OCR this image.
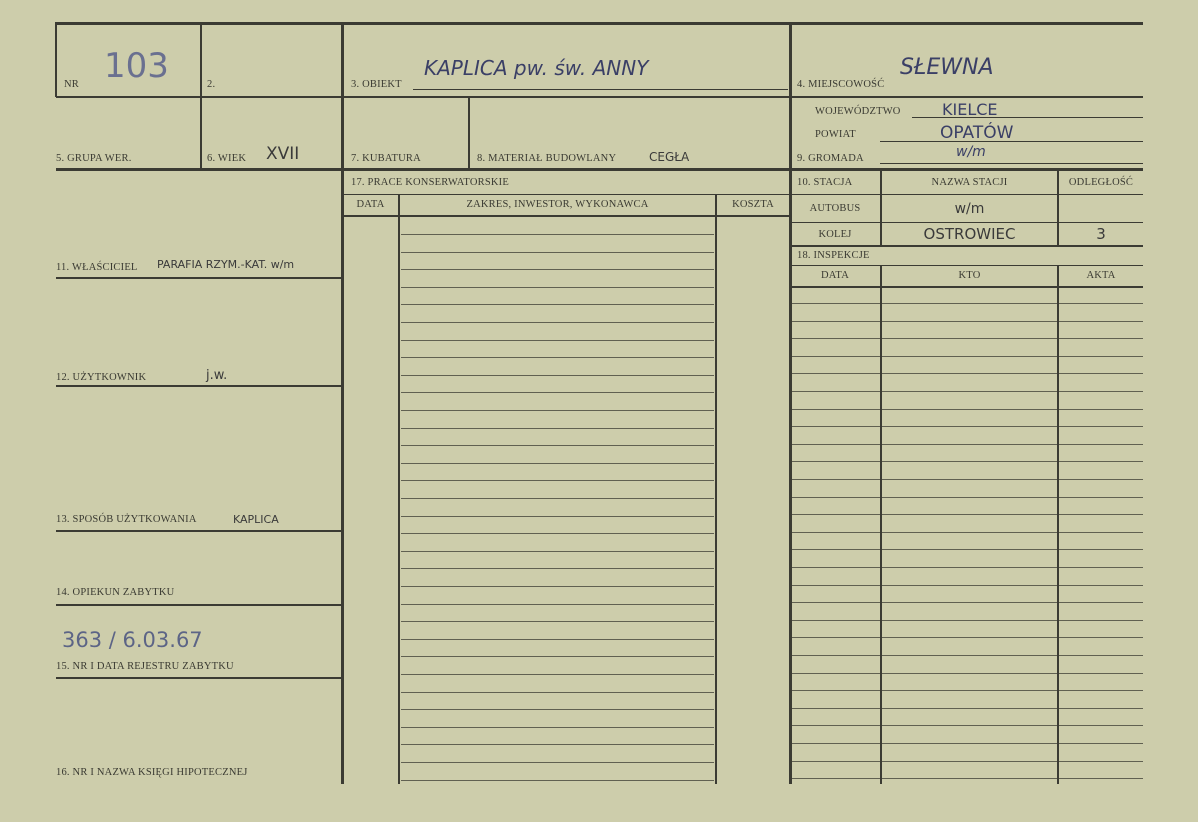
NR 103	2.	3. OBIEKT
KAPLICA pw. św. ANNY
4. MIEJSCOWOŚĆ
SŁEWNA
WOJEWÓDZTWO	KIELCE
POWIAT	OPATÓW
9. GROMADA	w/m
5. GRUPA WER.	6. WIEK XVII	7. KUBATURA	8. MATERIAŁ BUDOWLANY	CEGŁA
11. WŁAŚCICIEL PARAFIA RZYM.-KAT. w/m
12. UŻYTKOWNIK	j.w.
13. SPOSÓB UŻYTKOWANIA	KAPLICA
14. OPIEKUN ZABYTKU
363 / 6.03.67
15. NR I DATA REJESTRU ZABYTKU
16. NR I NAZWA KSIĘGI HIPOTECZNEJ
17. PRACE KONSERWATORSKIE
DATA	ZAKRES, INWESTOR, WYKONAWCA	KOSZTA
10. STACJA	NAZWA STACJI	ODLEGŁOŚĆ
AUTOBUS	w/m
KOLEJ	OSTROWIEC	3
18. INSPEKCJE
DATA	KTO	AKTA
